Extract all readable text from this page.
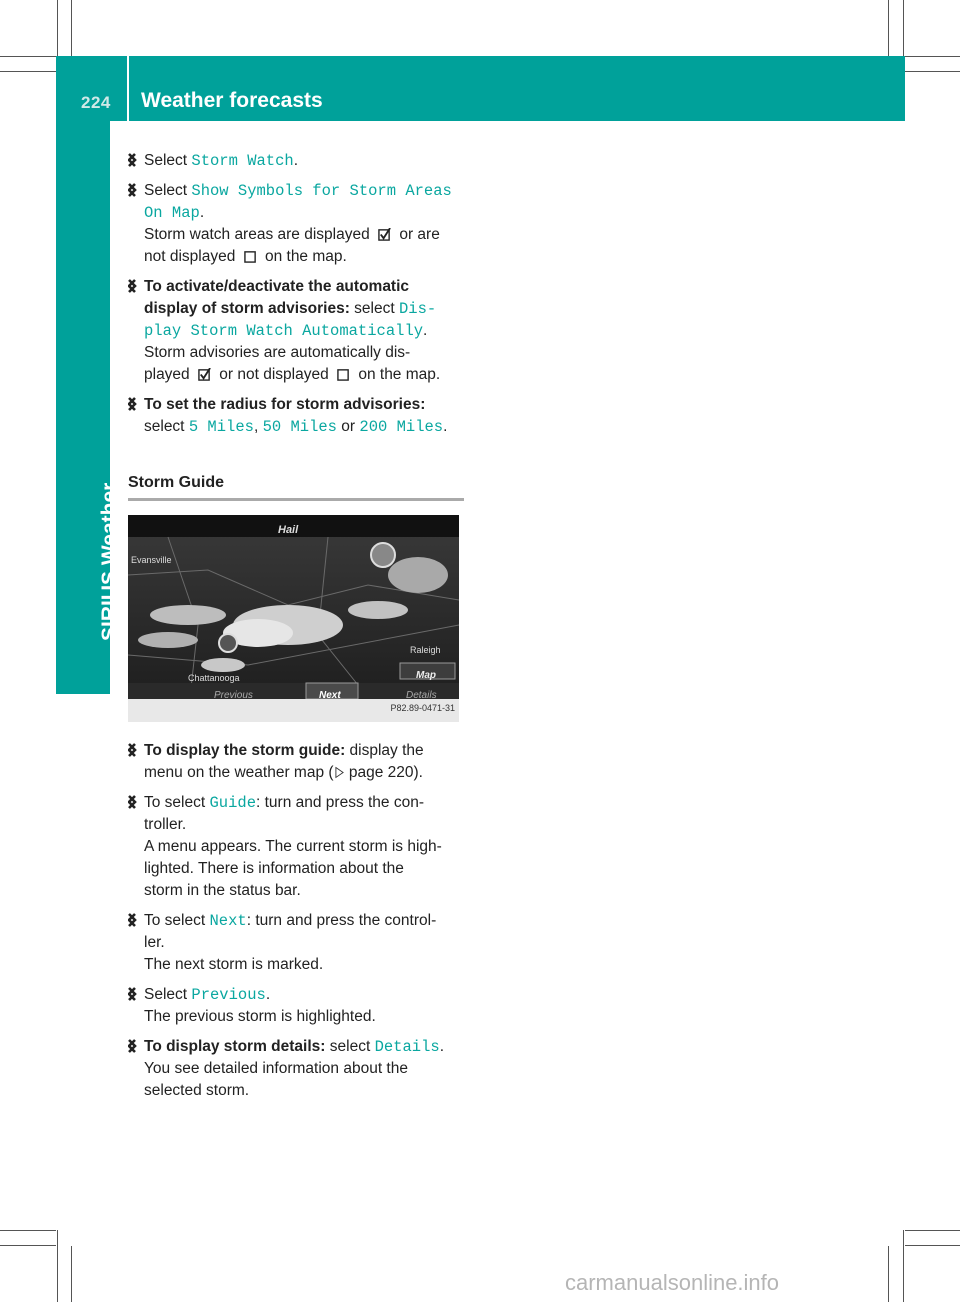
224 Weather forecasts
SIRIUS Weather
Select Storm Watch.
Select Show Symbols for Storm Areas
On Map.
Storm watch areas are displayed  or are
not displayed  on the map.
To activate/deactivate the automatic
display of storm advisories: select Dis‐
play Storm Watch Automatically.
Storm advisories are automatically dis-
played  or not displayed  on the map.
To set the radius for storm advisories:
select 5 Miles, 50 Miles or 200 Miles.
Storm Guide
Hail
Evansville
Raleigh
Chattanooga	Map
Previous	Next	Details
P82.89-0471-31
To display the storm guide: display the
menu on the weather map ( page 220).
To select Guide: turn and press the con-
troller.
A menu appears. The current storm is high-
lighted. There is information about the
storm in the status bar.
To select Next: turn and press the control-
ler.
The next storm is marked.
Select Previous.
The previous storm is highlighted.
To display storm details: select Details.
You see detailed information about the
selected storm.
carmanualsonline.info
